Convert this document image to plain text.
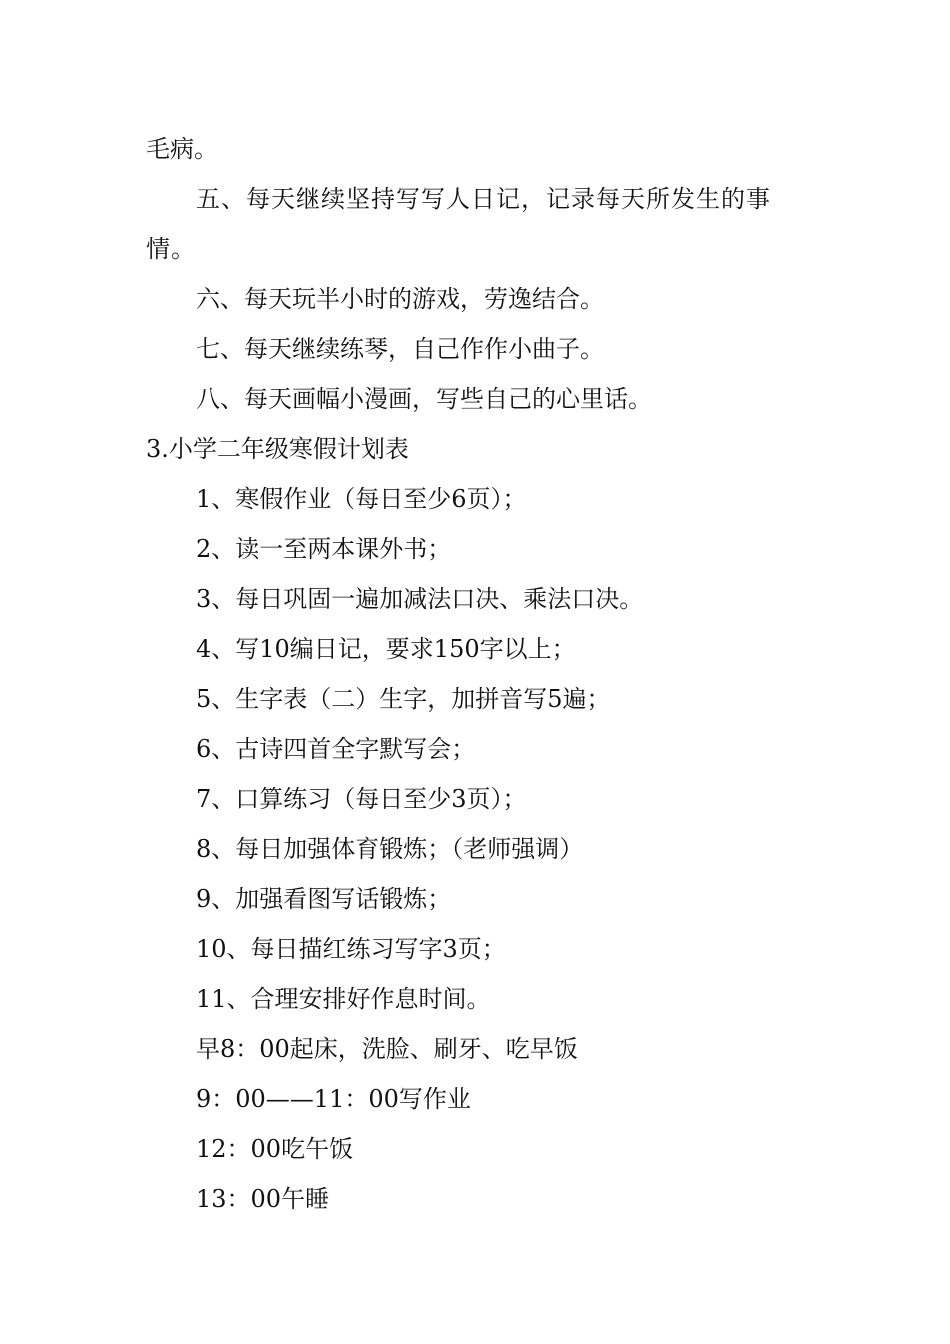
毛病。

五、每天继续坚持写写人日记，记录每天所发生的事情。

六、每天玩半小时的游戏，劳逸结合。

七、每天继续练琴，自己作作小曲子。

八、每天画幅小漫画，写些自己的心里话。

3.小学二年级寒假计划表

1、寒假作业（每日至少6页）；

2、读一至两本课外书；

3、每日巩固一遍加减法口决、乘法口决。

4、写10编日记，要求150字以上；

5、生字表（二）生字，加拼音写5遍；

6、古诗四首全字默写会；

7、口算练习（每日至少3页）；

8、每日加强体育锻炼；（老师强调）

9、加强看图写话锻炼；

10、每日描红练习写字3页；

11、合理安排好作息时间。

早8：00起床，洗脸、刷牙、吃早饭

9：00——11：00写作业

12：00吃午饭

13：00午睡
